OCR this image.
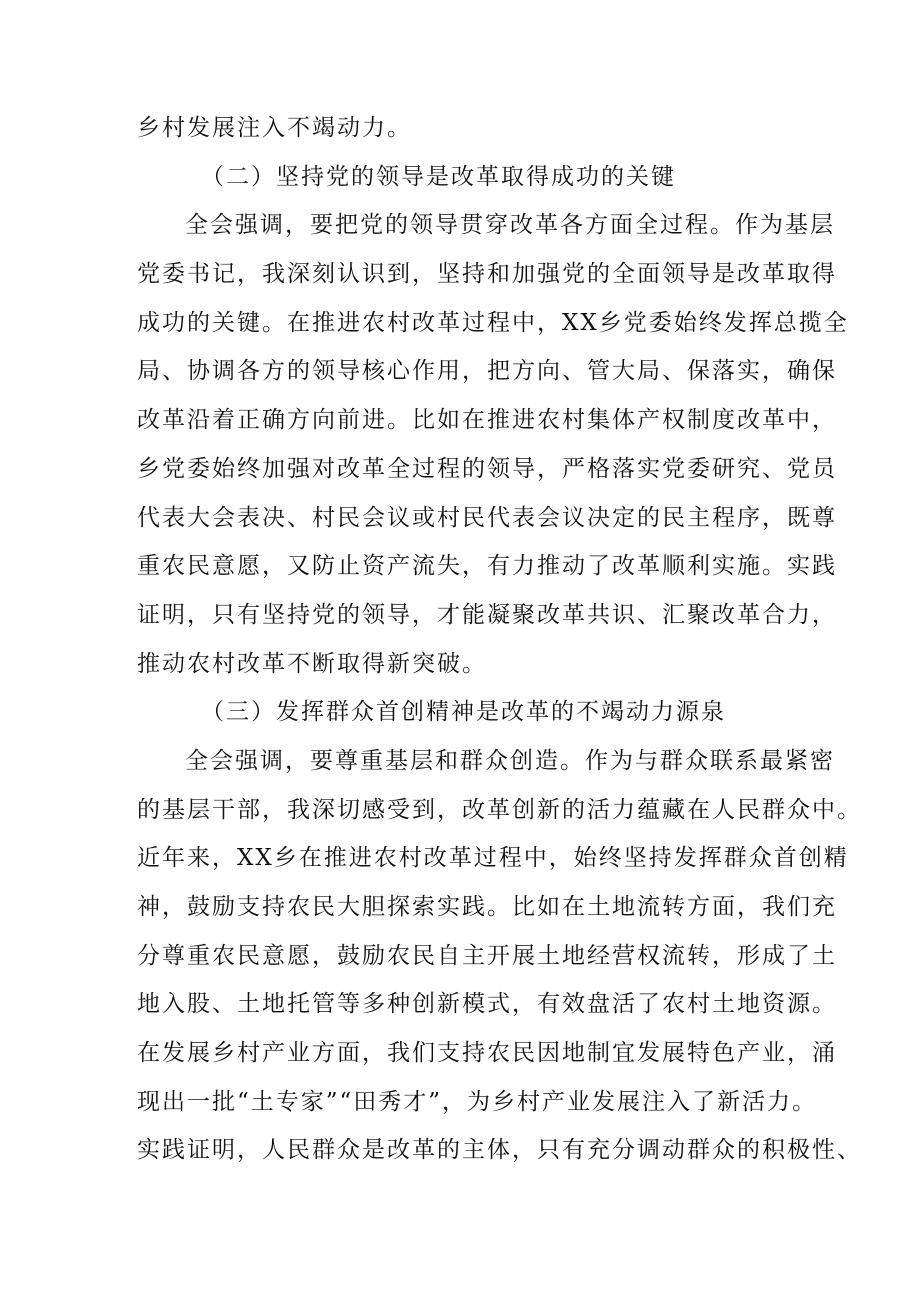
乡村发展注入不竭动力。
（二）坚持党的领导是改革取得成功的关键
全会强调，要把党的领导贯穿改革各方面全过程。作为基层
党委书记，我深刻认识到，坚持和加强党的全面领导是改革取得
成功的关键。在推进农村改革过程中，XX乡党委始终发挥总揽全
局、协调各方的领导核心作用，把方向、管大局、保落实，确保
改革沿着正确方向前进。比如在推进农村集体产权制度改革中，
乡党委始终加强对改革全过程的领导，严格落实党委研究、党员
代表大会表决、村民会议或村民代表会议决定的民主程序，既尊
重农民意愿，又防止资产流失，有力推动了改革顺利实施。实践
证明，只有坚持党的领导，才能凝聚改革共识、汇聚改革合力，
推动农村改革不断取得新突破。
（三）发挥群众首创精神是改革的不竭动力源泉
全会强调，要尊重基层和群众创造。作为与群众联系最紧密
的基层干部，我深切感受到，改革创新的活力蕴藏在人民群众中。
近年来，XX乡在推进农村改革过程中，始终坚持发挥群众首创精
神，鼓励支持农民大胆探索实践。比如在土地流转方面，我们充
分尊重农民意愿，鼓励农民自主开展土地经营权流转，形成了土
地入股、土地托管等多种创新模式，有效盘活了农村土地资源。
在发展乡村产业方面，我们支持农民因地制宜发展特色产业，涌
现出一批“土专家”“田秀才”，为乡村产业发展注入了新活力。
实践证明，人民群众是改革的主体，只有充分调动群众的积极性、
